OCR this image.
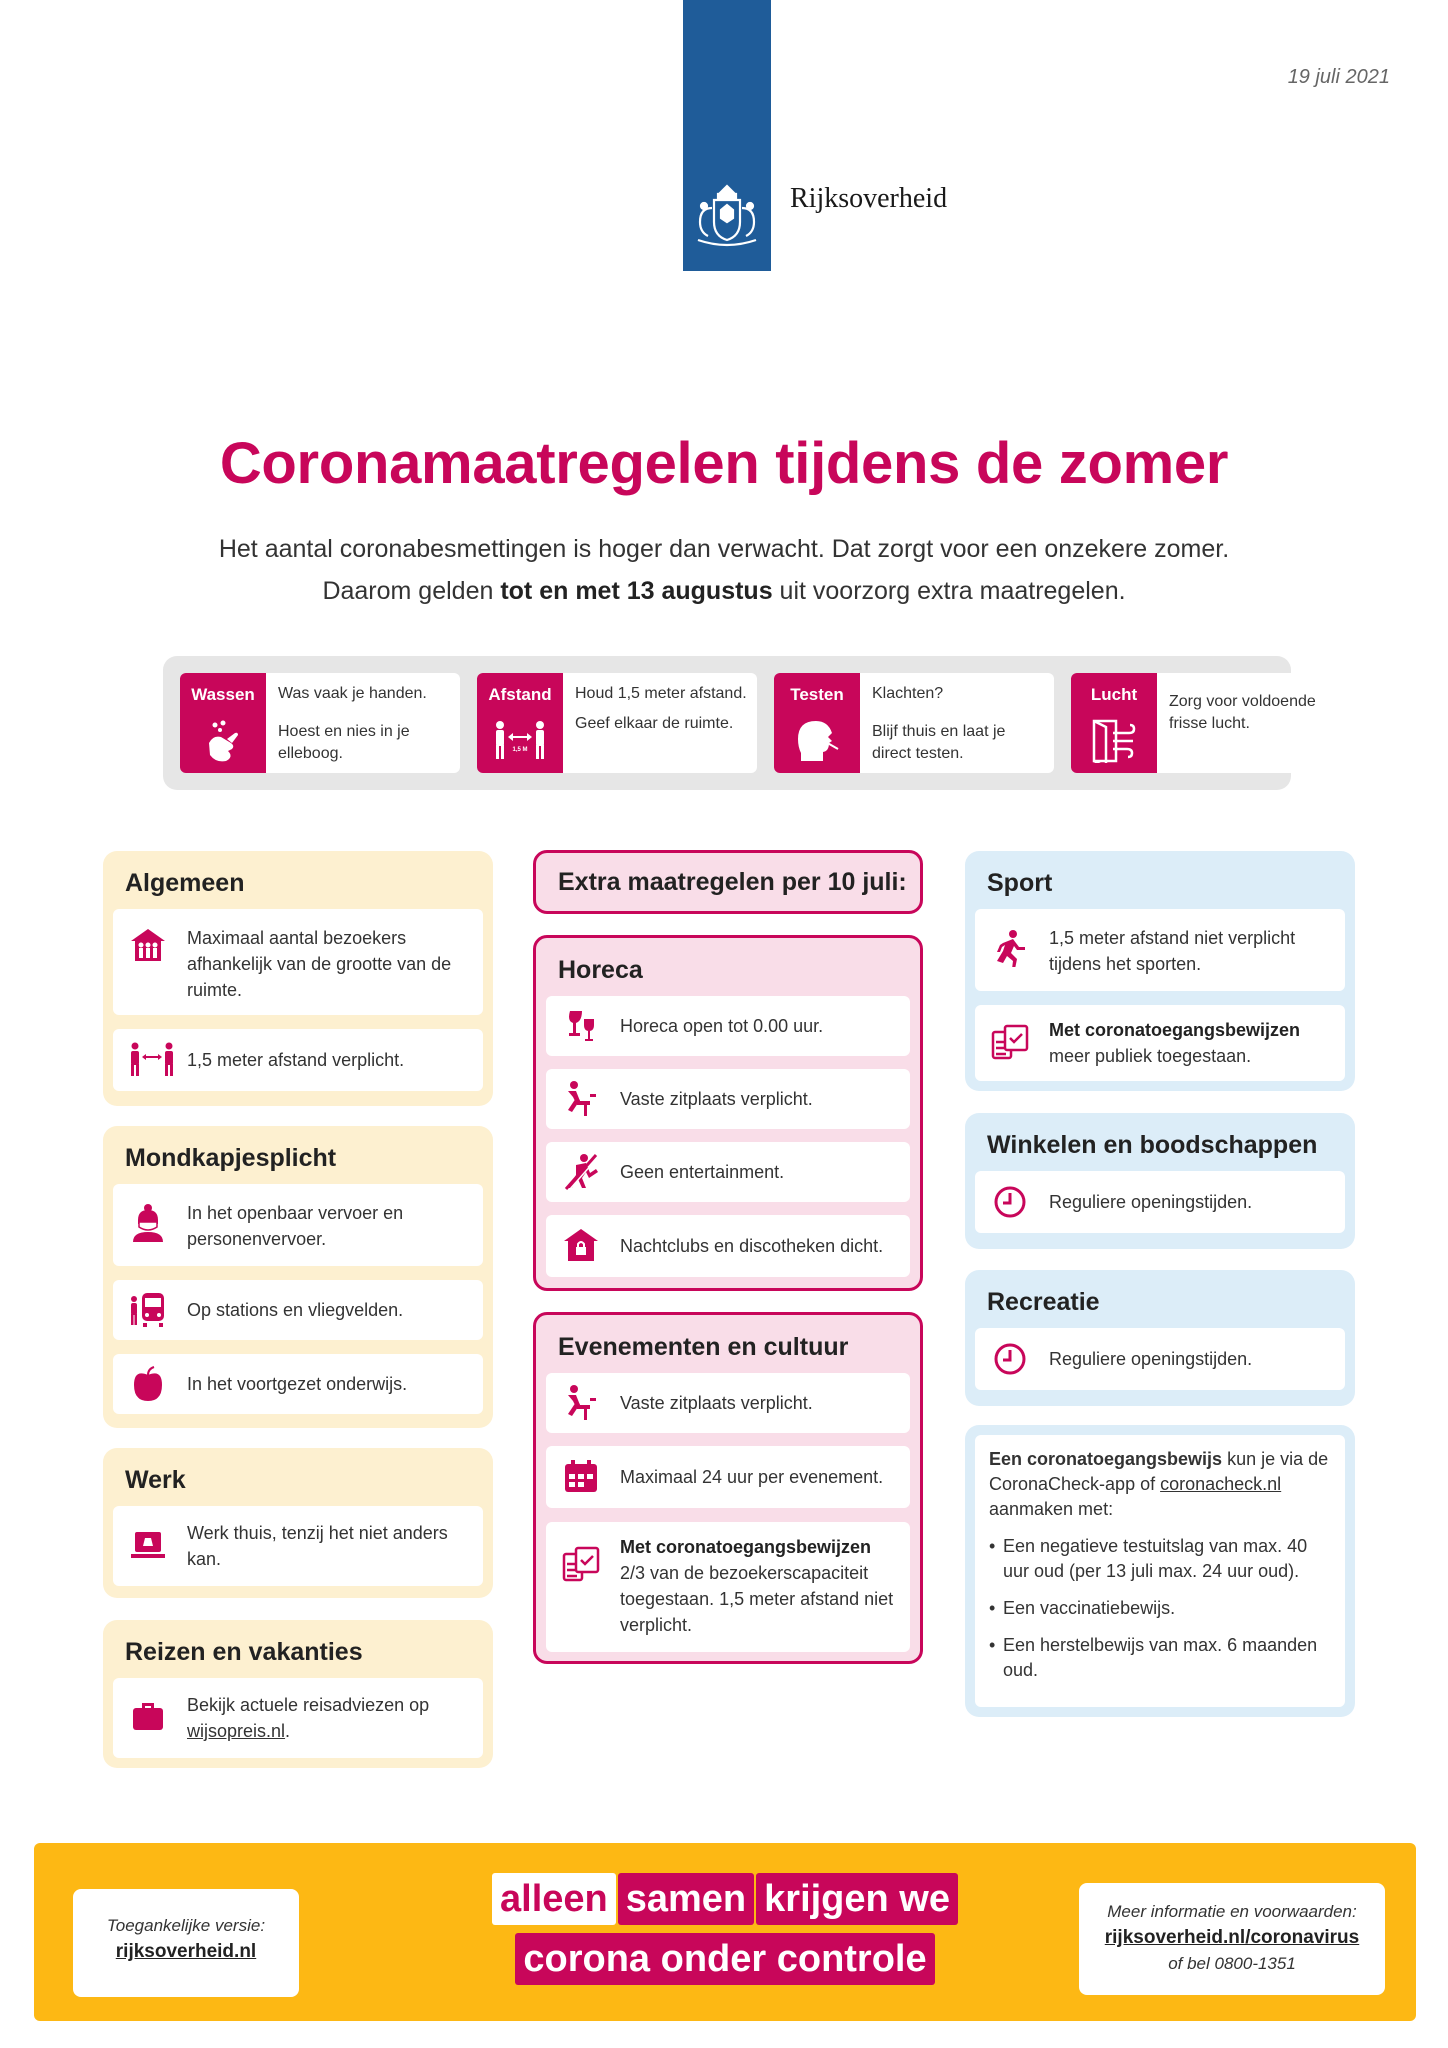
Rijksoverheid
19 juli 2021
Coronamaatregelen tijdens de zomer
Het aantal coronabesmettingen is hoger dan verwacht. Dat zorgt voor een onzekere zomer.
Daarom gelden tot en met 13 augustus uit voorzorg extra maatregelen.
Wassen	Was vaak je handen.

Hoest en nies in je elleboog.

Afstand
1,5 M

Houd 1,5 meter afstand.

Geef elkaar de ruimte.

Testen	Klachten?

Blijf thuis en laat je direct testen.

Lucht	Zorg voor voldoende frisse lucht.

Algemeen
Maximaal aantal bezoekers afhankelijk van de grootte van de ruimte.
1,5 meter afstand verplicht.
Mondkapjesplicht
In het openbaar vervoer en personenvervoer.
Op stations en vliegvelden.
In het voortgezet onderwijs.
Werk
Werk thuis, tenzij het niet anders kan.
Reizen en vakanties
Bekijk actuele reisadviezen op wijsopreis.nl.
Extra maatregelen per 10 juli:
Horeca
Horeca open tot 0.00 uur.
Vaste zitplaats verplicht.
Geen entertainment.
Nachtclubs en discotheken dicht.
Evenementen en cultuur
Vaste zitplaats verplicht.
Maximaal 24 uur per evenement.
Met coronatoegangsbewijzen
2/3 van de bezoekerscapaciteit toegestaan. 1,5 meter afstand niet verplicht.
Sport
1,5 meter afstand niet verplicht tijdens het sporten.
Met coronatoegangsbewijzen
meer publiek toegestaan.
Winkelen en boodschappen
Reguliere openingstijden.
Recreatie
Reguliere openingstijden.
Een coronatoegangsbewijs kun je via de CoronaCheck-app of coronacheck.nl aanmaken met:
• Een negatieve testuitslag van max. 40 uur oud (per 13 juli max. 24 uur oud).
• Een vaccinatiebewijs.
• Een herstelbewijs van max. 6 maanden oud.
Toegankelijke versie:
rijksoverheid.nl
alleen samen krijgen we
corona onder controle
Meer informatie en voorwaarden:
rijksoverheid.nl/coronavirus
of bel 0800-1351
